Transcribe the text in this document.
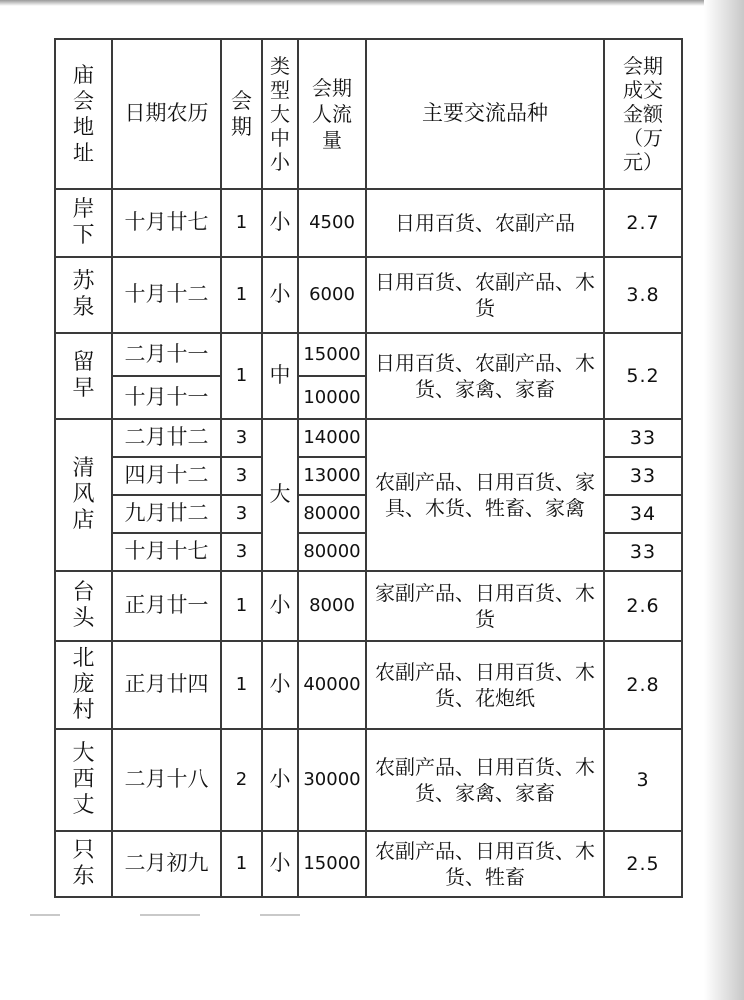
庙会地址	日期农历	会期	类型大中小	会期人流量	主要交流品种	会期成交金额（万元）
岸下	十月廿七	1	小	4500	日用百货、农副产品	2.7
苏泉	十月十二	1	小	6000	日用百货、农副产品、木货	3.8
留早	二月十一	1	中	15000	日用百货、农副产品、木货、家禽、家畜	5.2
	十月十一			10000		
清风店	二月廿二	3	大	14000	农副产品、日用百货、家具、木货、牲畜、家禽	33
	四月十二	3		13000		33
	九月廿二	3		80000		34
	十月十七	3		80000		33
台头	正月廿一	1	小	8000	家副产品、日用百货、木货	2.6
北庞村	正月廿四	1	小	40000	农副产品、日用百货、木货、花炮纸	2.8
大西丈	二月十八	2	小	30000	农副产品、日用百货、木货、家禽、家畜	3
只东	二月初九	1	小	15000	农副产品、日用百货、木货、牲畜	2.5
